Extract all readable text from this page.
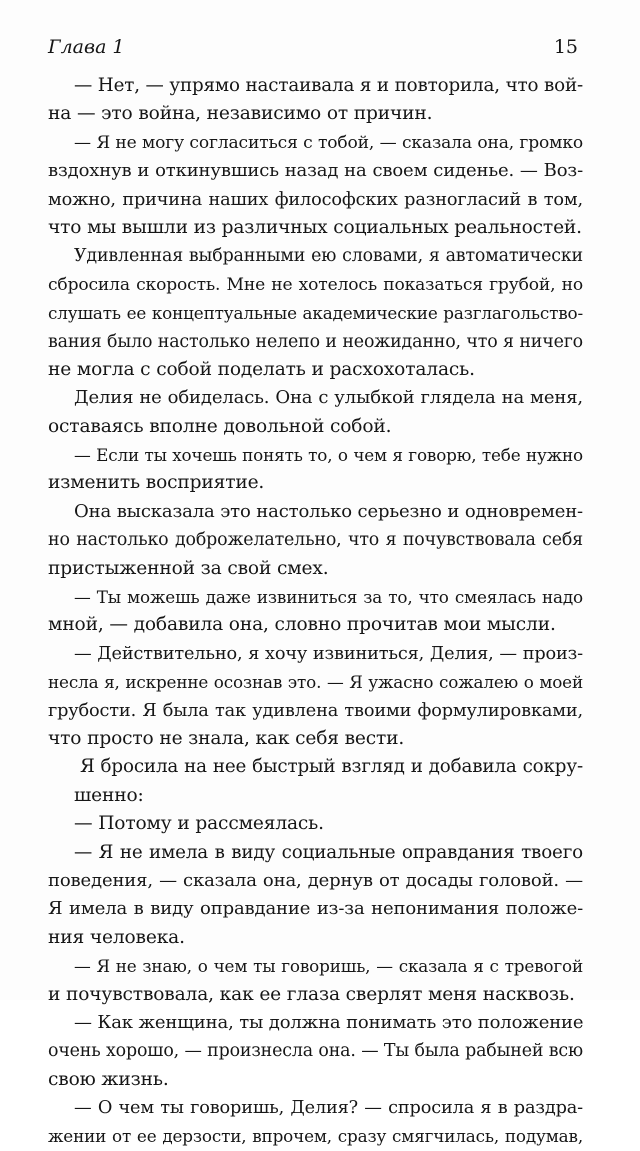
Глава 1	15
— Нет, — упрямо настаивала я и повторила, что вой-
на — это война, независимо от причин.
— Я не могу согласиться с тобой, — сказала она, громко
вздохнув и откинувшись назад на своем сиденье. — Воз-
можно, причина наших философских разногласий в том,
что мы вышли из различных социальных реальностей.
Удивленная выбранными ею словами, я автоматически
сбросила скорость. Мне не хотелось показаться грубой, но
слушать ее концептуальные академические разглагольство-
вания было настолько нелепо и неожиданно, что я ничего
не могла с собой поделать и расхохоталась.
Делия не обиделась. Она с улыбкой глядела на меня,
оставаясь вполне довольной собой.
— Если ты хочешь понять то, о чем я говорю, тебе нужно
изменить восприятие.
Она высказала это настолько серьезно и одновремен-
но настолько доброжелательно, что я почувствовала себя
пристыженной за свой смех.
— Ты можешь даже извиниться за то, что смеялась надо
мной, — добавила она, словно прочитав мои мысли.
— Действительно, я хочу извиниться, Делия, — произ-
несла я, искренне осознав это. — Я ужасно сожалею о моей
грубости. Я была так удивлена твоими формулировками,
что просто не знала, как себя вести.
Я бросила на нее быстрый взгляд и добавила сокру-
шенно:
— Потому и рассмеялась.
— Я не имела в виду социальные оправдания твоего
поведения, — сказала она, дернув от досады головой. —
Я имела в виду оправдание из-за непонимания положе-
ния человека.
— Я не знаю, о чем ты говоришь, — сказала я с тревогой
и почувствовала, как ее глаза сверлят меня насквозь.
— Как женщина, ты должна понимать это положение
очень хорошо, — произнесла она. — Ты была рабыней всю
свою жизнь.
— О чем ты говоришь, Делия? — спросила я в раздра-
жении от ее дерзости, впрочем, сразу смягчилась, подумав,
